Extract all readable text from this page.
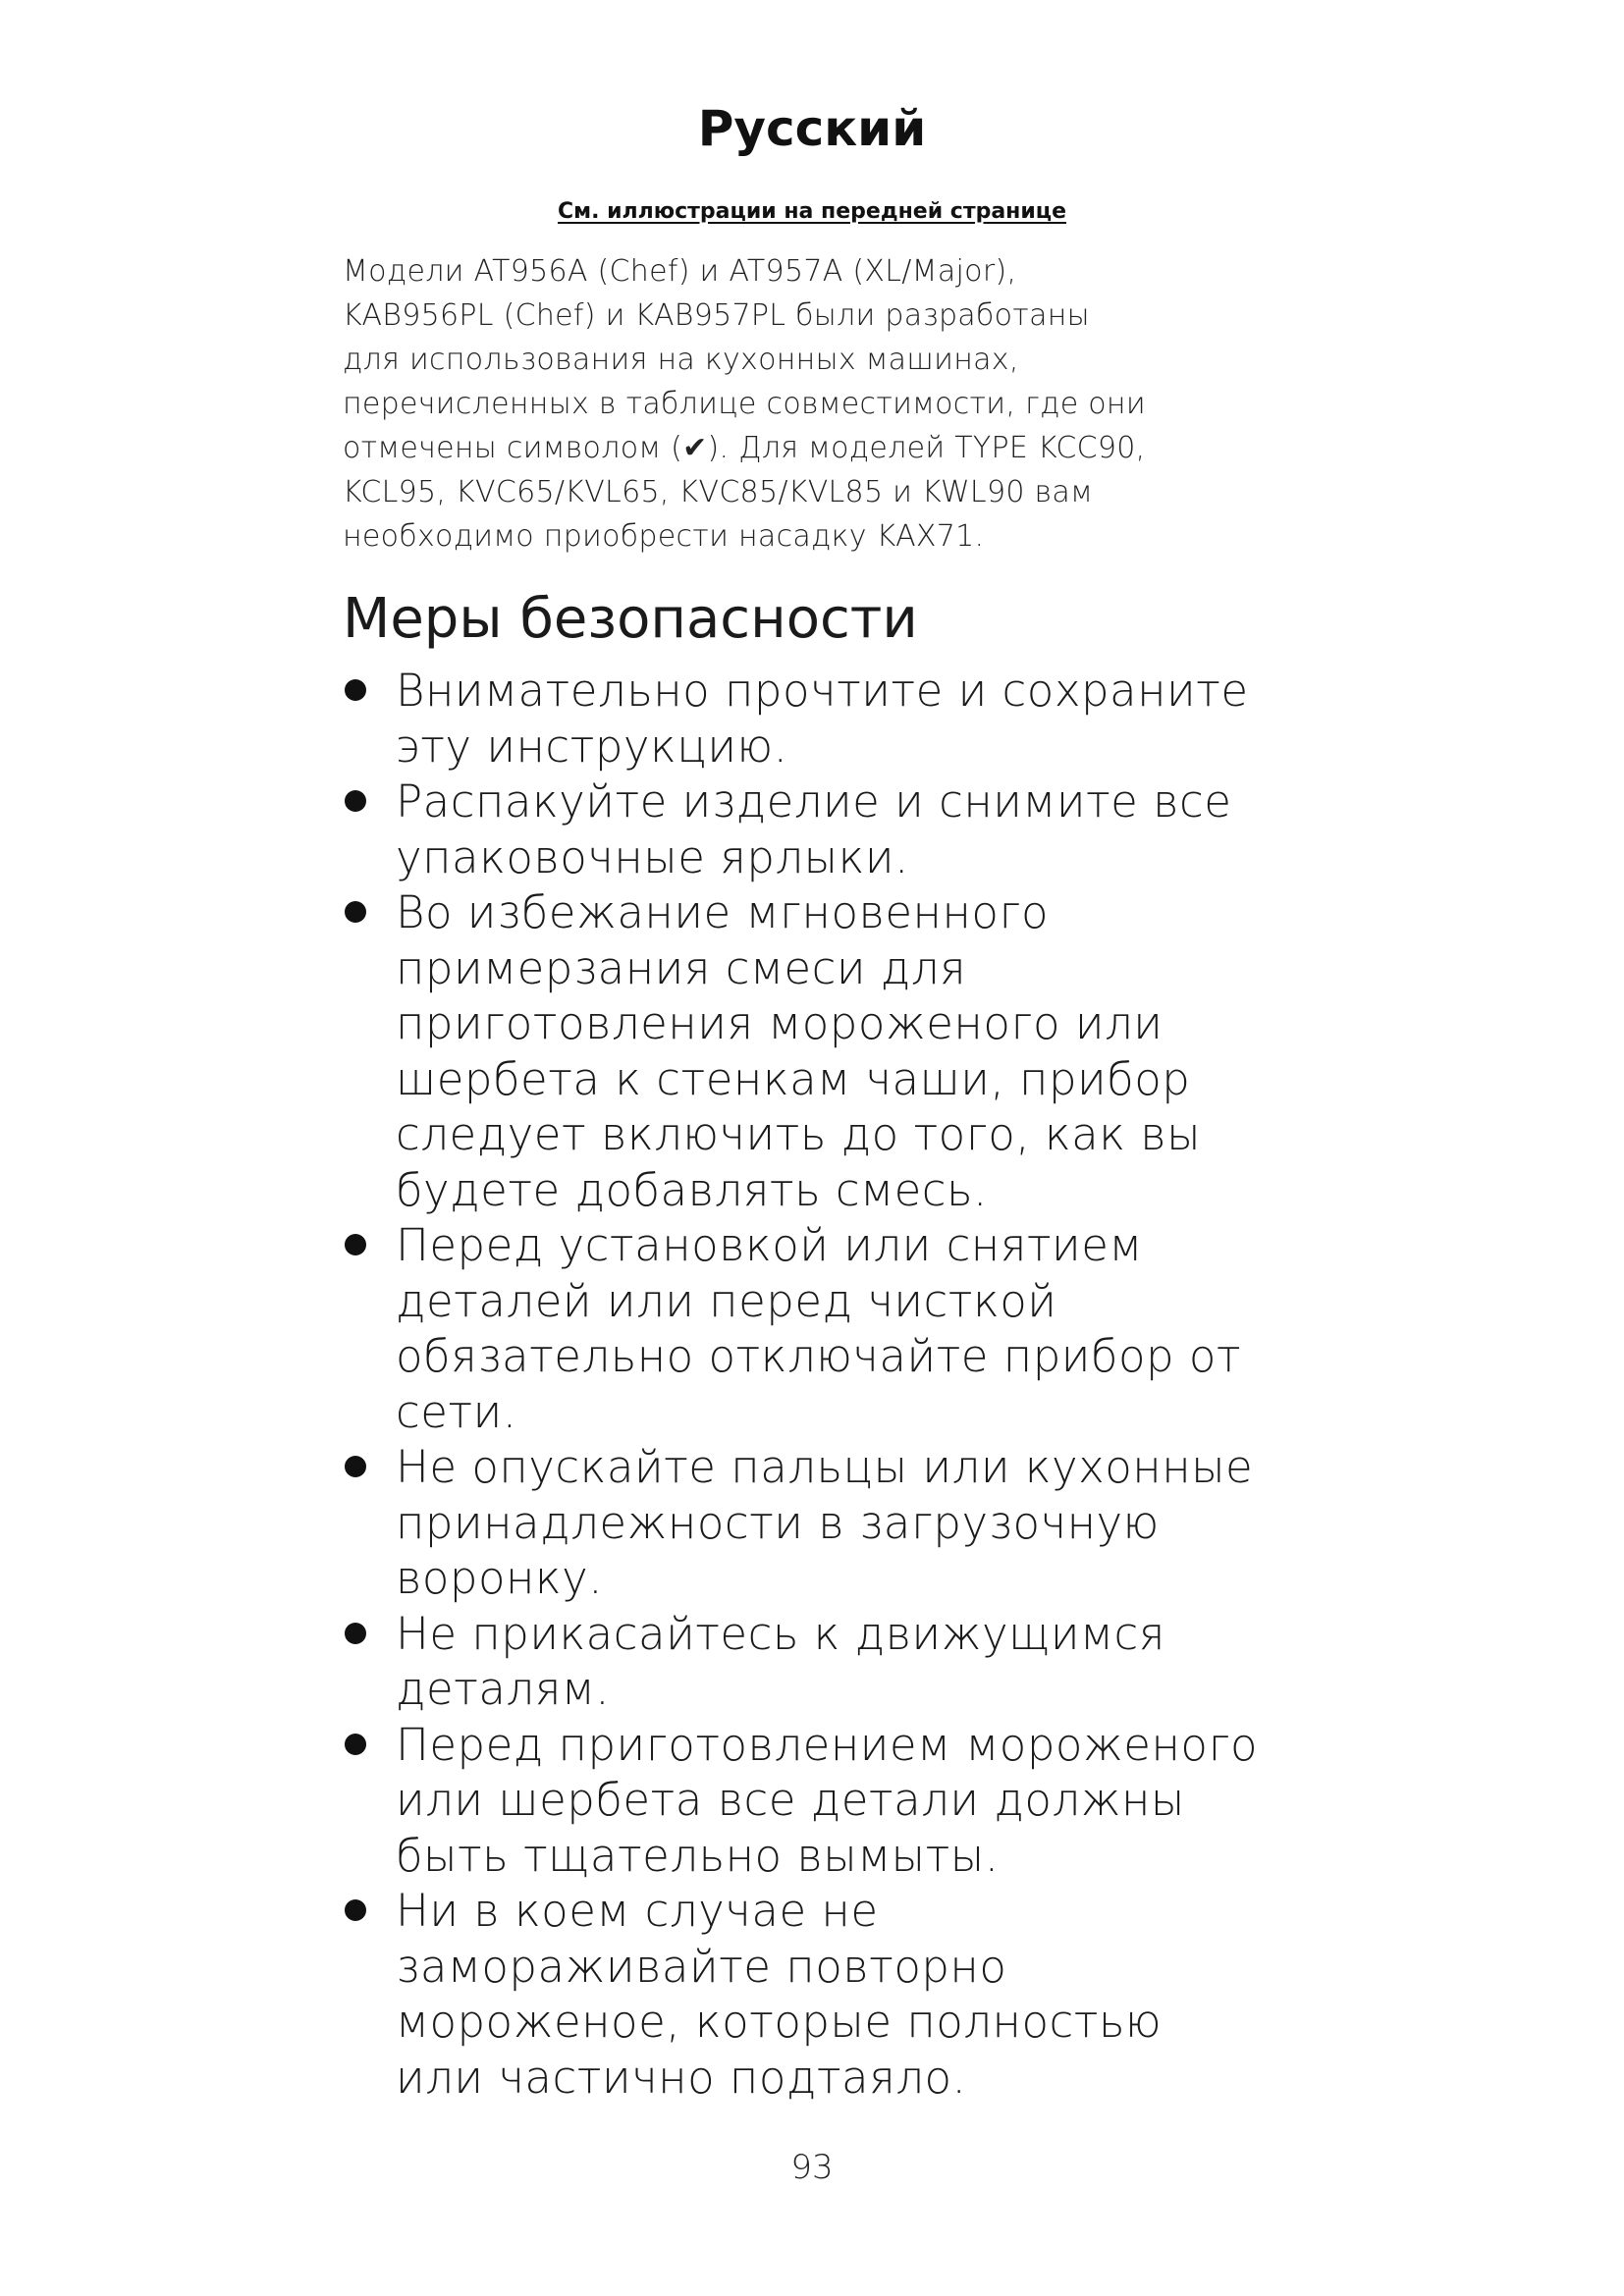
Русский
См. иллюстрации на передней странице

Модели AT956A (Chef) и AT957A (XL/Major),
KAB956PL (Chef) и KAB957PL были разработаны
для использования на кухонных машинах,
перечисленных в таблице совместимости, где они
отмечены символом (✔). Для моделей TYPE KCC90,
KCL95, KVC65/KVL65, KVC85/KVL85 и KWL90 вам
необходимо приобрести насадку KAX71.

Меры безопасности
Внимательно прочтите и сохраните
эту инструкцию.
Распакуйте изделие и снимите все
упаковочные ярлыки.
Во избежание мгновенного
примерзания смеси для
приготовления мороженого или
шербета к стенкам чаши, прибор
следует включить до того, как вы
будете добавлять смесь.
Перед установкой или снятием
деталей или перед чисткой
обязательно отключайте прибор от
сети.
Не опускайте пальцы или кухонные
принадлежности в загрузочную
воронку.
Не прикасайтесь к движущимся
деталям.
Перед приготовлением мороженого
или шербета все детали должны
быть тщательно вымыты.
Ни в коем случае не
замораживайте повторно
мороженое, которые полностью
или частично подтаяло.
93
